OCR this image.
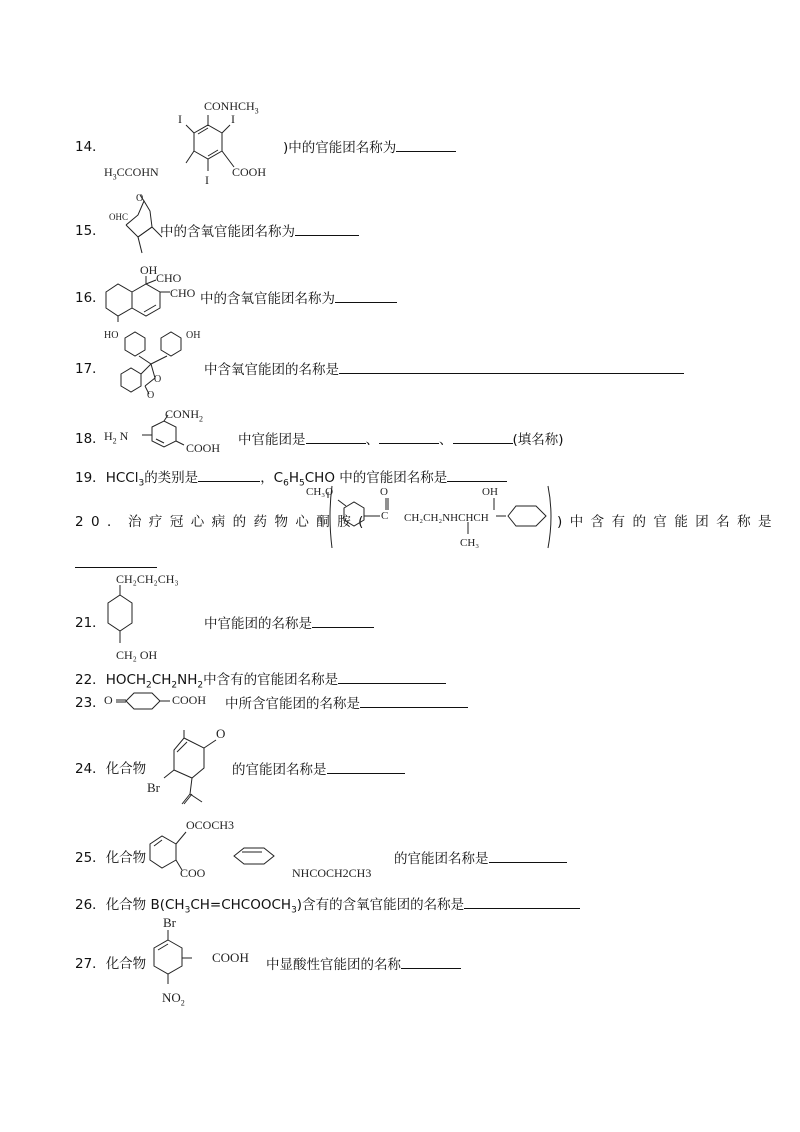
14．
$CONHCH_3$
I	I
$H_3CCOHN$	COOH
I
)中的官能团名称为
15．
OHC
O
中的含氧官能团名称为
16．
OH
CHO
CHO 中的含氧官能团名称为
17．
HO	OH
O
O
中含氧官能团的名称是
18．
$CONH_2$
$H_2$ N
COOH 中官能团是	、	、	(填名称)
19．HCCl$_3$的类别是	，$C_6H_5CHO$ 中的官能团名称是
20．治疗冠心病的药物心酮胺(
CH₃O	O
C CH₂CH₂NHCHCH
OH
CH₃
)中含有的官能团名称是
21．
CH₂CH₂CH₃
CH₂ OH
中官能团的名称是
22．$HOCH_2CH_2NH_2$中含有的官能团名称是
23．
O	COOH 中所含官能团的名称是
24．化合物
O
Br
的官能团名称是
25．化合物
OCOCH3
COO	NHCOCH2CH3
的官能团名称是
26．化合物 $B(CH_3CH=CHCOOCH_3)$含有的含氧官能团的名称是
27．化合物
Br
COOH
$NO_2$
中显酸性官能团的名称
